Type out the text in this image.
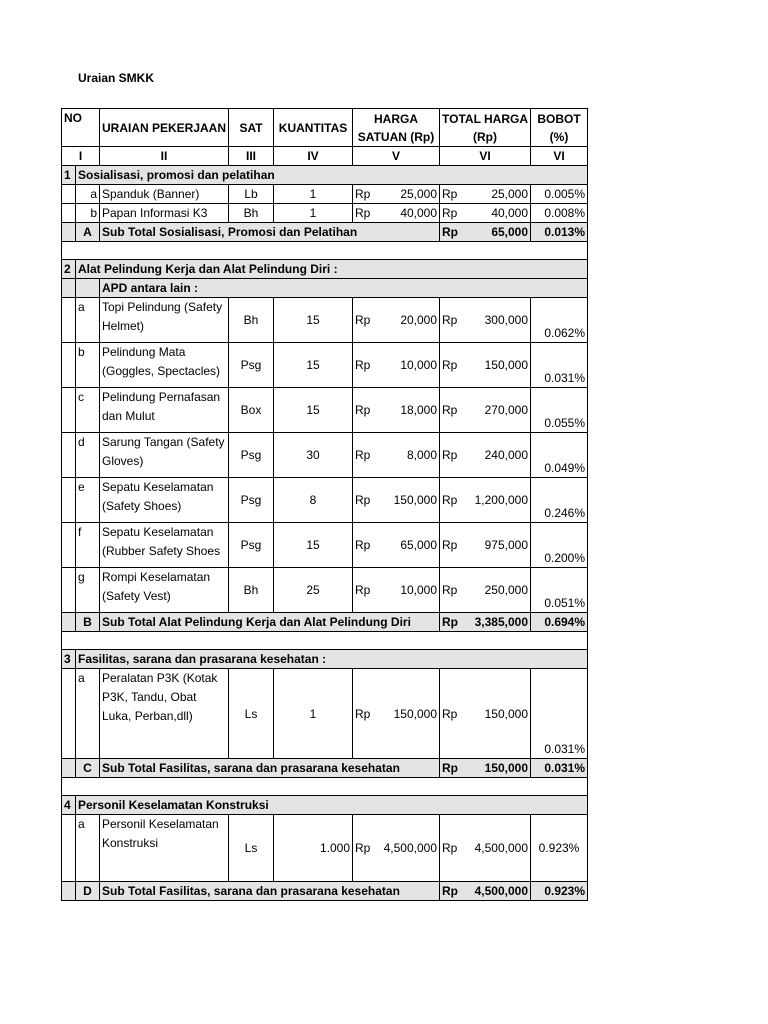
Uraian SMKK
NO		URAIAN PEKERJAAN	SAT	KUANTITAS	HARGA SATUAN (Rp)	TOTAL HARGA (Rp)	BOBOT (%)
I		II	III	IV	V	VI	VI
1	Sosialisasi, promosi dan pelatihan						
	a	Spanduk (Banner)	Lb	1	Rp 25,000	Rp 25,000	0.005%
	b	Papan Informasi K3	Bh	1	Rp 40,000	Rp 40,000	0.008%
	A	Sub Total Sosialisasi, Promosi dan Pelatihan				Rp 65,000	0.013%

2	Alat Pelindung Kerja dan Alat Pelindung Diri :						
		APD antara lain :					
	a	Topi Pelindung (Safety Helmet)	Bh	15	Rp 20,000	Rp 300,000	0.062%
	b	Pelindung Mata (Goggles, Spectacles)	Psg	15	Rp 10,000	Rp 150,000	0.031%
	c	Pelindung Pernafasan dan Mulut	Box	15	Rp 18,000	Rp 270,000	0.055%
	d	Sarung Tangan (Safety Gloves)	Psg	30	Rp 8,000	Rp 240,000	0.049%
	e	Sepatu Keselamatan (Safety Shoes)	Psg	8	Rp 150,000	Rp 1,200,000	0.246%
	f	Sepatu Keselamatan (Rubber Safety Shoes	Psg	15	Rp 65,000	Rp 975,000	0.200%
	g	Rompi Keselamatan (Safety Vest)	Bh	25	Rp 10,000	Rp 250,000	0.051%
	B	Sub Total Alat Pelindung Kerja dan Alat Pelindung Diri				Rp 3,385,000	0.694%

3	Fasilitas, sarana dan prasarana kesehatan :						
	a	Peralatan P3K (Kotak P3K, Tandu, Obat Luka, Perban,dll)	Ls	1	Rp 150,000	Rp 150,000	0.031%
	C	Sub Total Fasilitas, sarana dan prasarana kesehatan				Rp 150,000	0.031%

4	Personil Keselamatan Konstruksi						
	a	Personil Keselamatan Konstruksi	Ls	1.000	Rp 4,500,000	Rp 4,500,000	0.923%
	D	Sub Total Fasilitas, sarana dan prasarana kesehatan				Rp 4,500,000	0.923%
